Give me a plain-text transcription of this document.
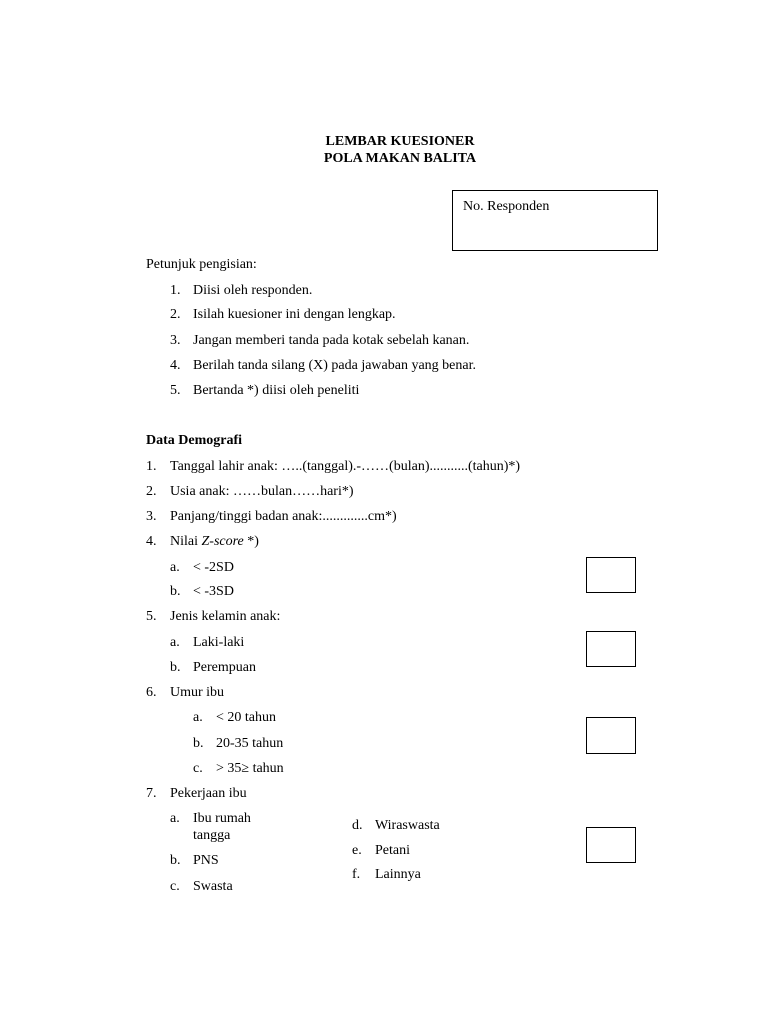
LEMBAR KUESIONER
POLA MAKAN BALITA
No. Responden
Petunjuk pengisian:
1. Diisi oleh responden.
2. Isilah kuesioner ini dengan lengkap.
3. Jangan memberi tanda pada kotak sebelah kanan.
4. Berilah tanda silang (X) pada jawaban yang benar.
5. Bertanda *) diisi oleh peneliti
Data Demografi
1. Tanggal lahir anak: …..(tanggal).-……(bulan)...........(tahun)*)
2. Usia anak: ……bulan……hari*)
3. Panjang/tinggi badan anak:.............cm*)
4. Nilai Z-score *)
a. < -2SD
b. < -3SD
5. Jenis kelamin anak:
a. Laki-laki
b. Perempuan
6. Umur ibu
a. < 20 tahun
b. 20-35 tahun
c. > 35≥ tahun
7. Pekerjaan ibu
a. Ibu rumah tangga
b. PNS
c. Swasta
d. Wiraswasta
e. Petani
f. Lainnya
